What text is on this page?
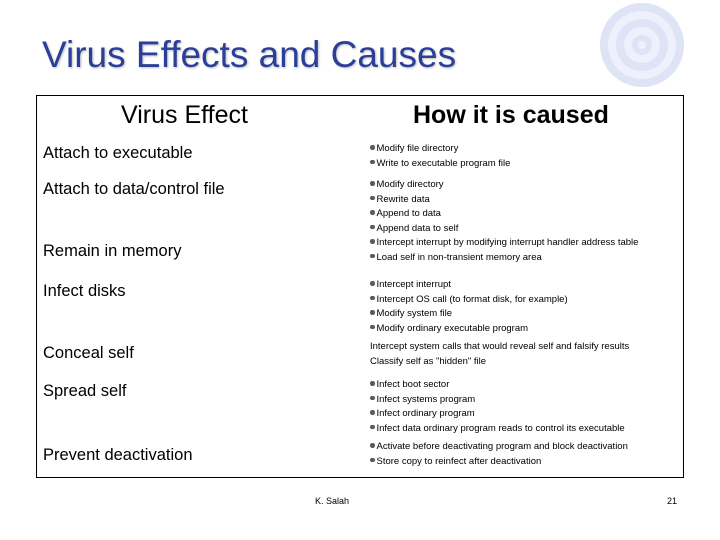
Virus Effects and Causes
Virus Effect	How it is caused
Attach to executable	Modify file directory
Write to executable program file
Attach to data/control file	Modify directory
Rewrite data
Append to data
Append data to self
Remain in memory	Intercept interrupt by modifying interrupt handler address table
Load self in non-transient memory area
Infect disks	Intercept interrupt
Intercept OS call (to format disk, for example)
Modify system file
Modify ordinary executable program
Conceal self	Intercept system calls that would reveal self and falsify results
Classify self as "hidden" file
Spread self	Infect boot sector
Infect systems program
Infect ordinary program
Infect data ordinary program reads to control its executable
Prevent deactivation	Activate before deactivating program and block deactivation
Store copy to reinfect after deactivation
K. Salah	21
